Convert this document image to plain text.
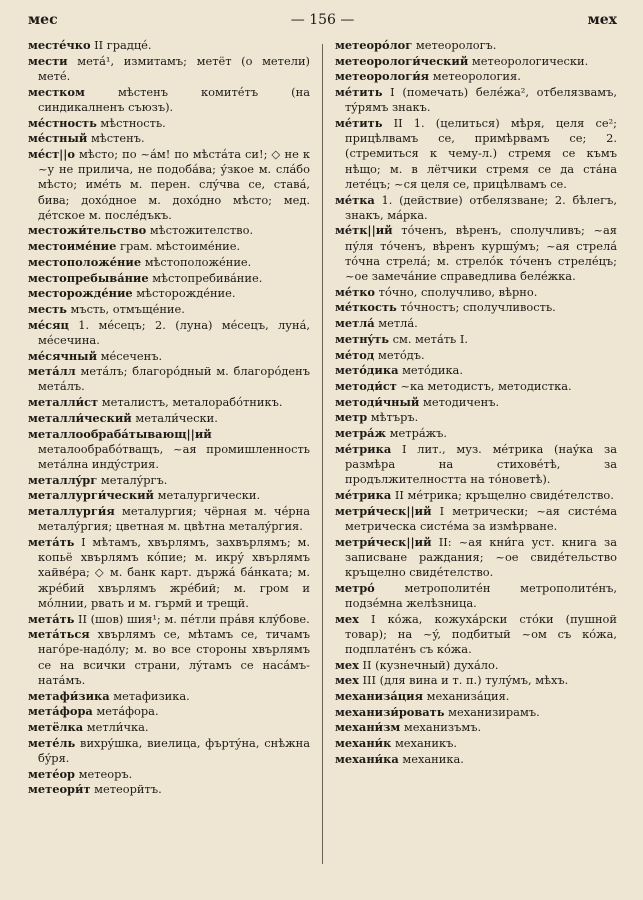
мес	— 156 —	мех

местéчко II градцé.

мести метá¹, измитамъ; метëт (о метели) метé.

местком мѣстенъ комитéтъ (на синдикалненъ съюзъ).

мéстность мѣстность.

мéстный мѣстенъ.

мéст||о мѣсто; по ~áм! по мѣстáта си!; ◇ не к ~у не прилича, не подобáва; ýзкое м. слáбо мѣсто; имéть м. перен. слýчва се, ставá, бива; дохóдное м. дохóдно мѣсто; мед. дéтское м. послéдъкъ.

местожи́тельство мѣстожителство.

местоимéние грам. мѣстоимéние.

местоположéние мѣстоположéние.

местопребывáние мѣстопребивáние.

месторождéние мѣсторождéние.

месть мъсть, отмъщéние.

мéсяц 1. мéсецъ; 2. (луна) мéсецъ, лунá, мéсечина.

мéсячный мéсеченъ.

метáлл метáлъ; благорóдный м. благорóденъ метáлъ.

металли́ст металистъ, металорабóтникъ.

металли́ческий метали́чески.

металлообрабáтывающ||ий металообрабóтващъ, ~ая промишленность метáлна индýстрия.

металлýрг металýргъ.

металлурги́ческий металургически.

металлурги́я металургия; чëрная м. чéрна металýргия; цветная м. цвѣтна металýргия.

метáть I мѣтамъ, хвърлямъ, захвърлямъ; м. копьë хвърлямъ кóпие; м. икрý хвърлямъ хайвéра; ◇ м. банк карт. държá бáнката; м. жрéбий хвърлямъ жрéбий; м. гром и мóлнии, рвать и м. гърмй и трещй.

метáть II (шов) шия¹; м. пéтли прáвя клýбове.

метáться хвърлямъ се, мѣтамъ се, тичамъ нагóре-надóлу; м. во все стороны хвърлямъ се на всички страни, лýтамъ се насáмъ-натáмъ.

метафи́зика метафизика.

метáфора метáфора.

метëлка метли́чка.

метéль вихрýшка, виелица, фъртýна, снѣжна бýря.

метéор метеоръ.

метеори́т метеорйтъ.

метеорóлог метеорологъ.

метеорологи́ческий метеорологически.

метеорологи́я метеорология.

мéтить I (помечать) белéжа², отбелязвамъ, тýрямъ знакъ.

мéтить II 1. (целиться) мѣря, целя се²; прицѣлвамъ се, примѣрвамъ се; 2. (стремиться к чему-л.) стремя се къмъ нѣщо; м. в лëтчики стремя се да стáна летéцъ; ~ся целя се, прицѣлвамъ се.

мéтка 1. (действие) отбелязване; 2. бѣлегъ, знакъ, мáрка.

мéтк||ий тóченъ, вѣренъ, сполучливъ; ~ая пýля тóченъ, вѣренъ куршýмъ; ~ая стрелá тóчна стрелá; м. стрелóк тóченъ стрелéцъ; ~ое замечáние справедлива белéжка.

мéтко тóчно, сполучливо, вѣрно.

мéткость тóчностъ; сполучливость.

метлá метлá.

метнýть см. метáть I.

мéтод метóдъ.

метóдика метóдика.

методи́ст ~ка методистъ, методистка.

методи́чный методиченъ.

метр мѣтъръ.

метрáж метрáжъ.

мéтрика I лит., муз. мéтрика (наýка за размѣра на стиховéтѣ, за продължителността на тóноветѣ).

мéтрика II мéтрика; кръщелно свидéтелство.

метри́ческ||ий I метрически; ~ая систéма метрическа систéма за измѣрване.

метри́ческ||ий II: ~ая кни́га уст. книга за записване раждания; ~ое свидéтельство кръщелно свидéтелство.

метрó метрополитéн метрополитéнъ, подзéмна желѣзница.

мех I кóжа, кожухáрски стóки (пушной товар); на ~ý, подбитый ~ом съ кóжа, подплатéнъ съ кóжа.

мех II (кузнечный) духáло.

мех III (для вина и т. п.) тулýмъ, мѣхъ.

механизáция механизáция.

механизи́ровать механизирамъ.

механи́зм механизъмъ.

механи́к механикъ.

механи́ка механика.
